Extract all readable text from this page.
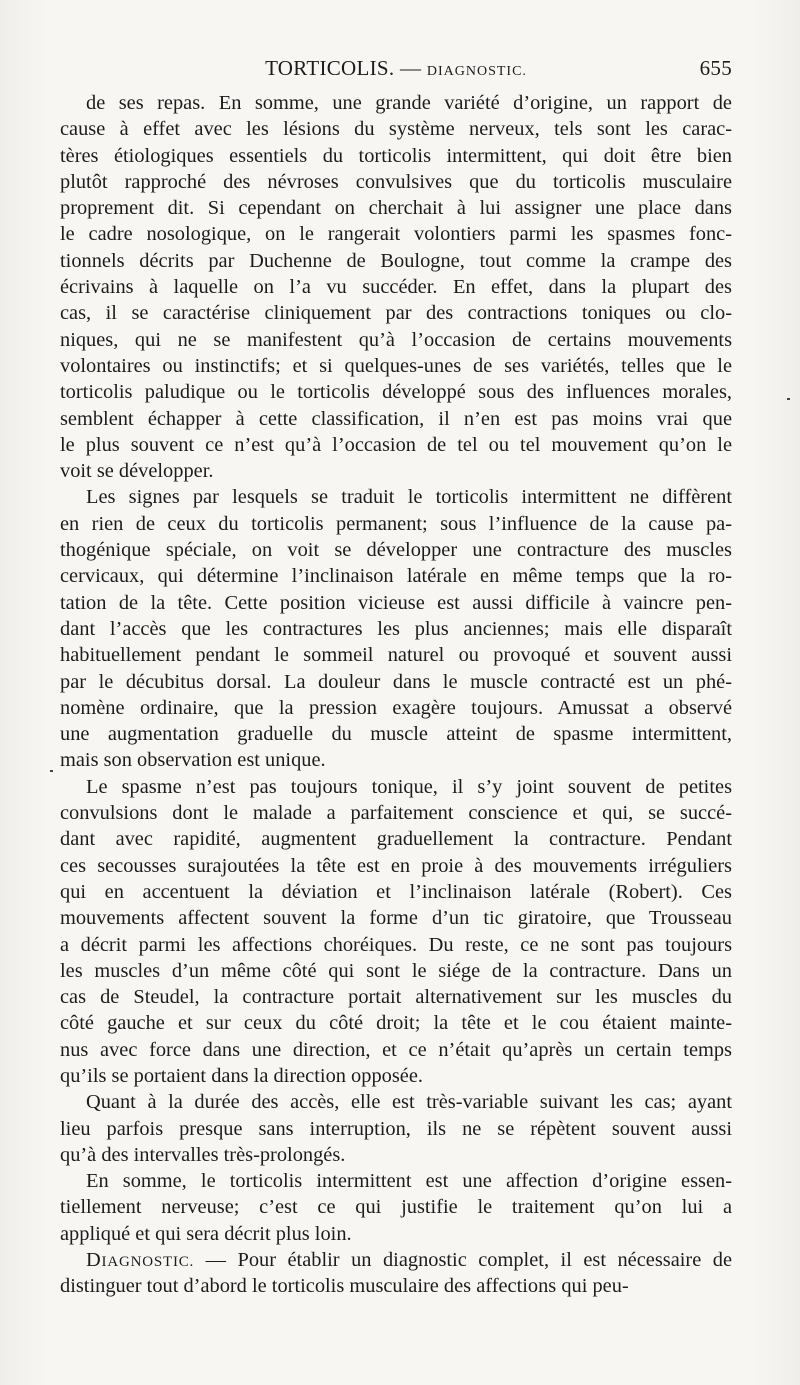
TORTICOLIS. — DIAGNOSTIC.	655
de ses repas. En somme, une grande variété d’origine, un rapport de
cause à effet avec les lésions du système nerveux, tels sont les carac-
tères étiologiques essentiels du torticolis intermittent, qui doit être bien
plutôt rapproché des névroses convulsives que du torticolis musculaire
proprement dit. Si cependant on cherchait à lui assigner une place dans
le cadre nosologique, on le rangerait volontiers parmi les spasmes fonc-
tionnels décrits par Duchenne de Boulogne, tout comme la crampe des
écrivains à laquelle on l’a vu succéder. En effet, dans la plupart des
cas, il se caractérise cliniquement par des contractions toniques ou clo-
niques, qui ne se manifestent qu’à l’occasion de certains mouvements
volontaires ou instinctifs; et si quelques-unes de ses variétés, telles que le
torticolis paludique ou le torticolis développé sous des influences morales,
semblent échapper à cette classification, il n’en est pas moins vrai que
le plus souvent ce n’est qu’à l’occasion de tel ou tel mouvement qu’on le
voit se développer.
Les signes par lesquels se traduit le torticolis intermittent ne diffèrent
en rien de ceux du torticolis permanent; sous l’influence de la cause pa-
thogénique spéciale, on voit se développer une contracture des muscles
cervicaux, qui détermine l’inclinaison latérale en même temps que la ro-
tation de la tête. Cette position vicieuse est aussi difficile à vaincre pen-
dant l’accès que les contractures les plus anciennes; mais elle disparaît
habituellement pendant le sommeil naturel ou provoqué et souvent aussi
par le décubitus dorsal. La douleur dans le muscle contracté est un phé-
nomène ordinaire, que la pression exagère toujours. Amussat a observé
une augmentation graduelle du muscle atteint de spasme intermittent,
mais son observation est unique.
Le spasme n’est pas toujours tonique, il s’y joint souvent de petites
convulsions dont le malade a parfaitement conscience et qui, se succé-
dant avec rapidité, augmentent graduellement la contracture. Pendant
ces secousses surajoutées la tête est en proie à des mouvements irréguliers
qui en accentuent la déviation et l’inclinaison latérale (Robert). Ces
mouvements affectent souvent la forme d’un tic giratoire, que Trousseau
a décrit parmi les affections choréiques. Du reste, ce ne sont pas toujours
les muscles d’un même côté qui sont le siége de la contracture. Dans un
cas de Steudel, la contracture portait alternativement sur les muscles du
côté gauche et sur ceux du côté droit; la tête et le cou étaient mainte-
nus avec force dans une direction, et ce n’était qu’après un certain temps
qu’ils se portaient dans la direction opposée.
Quant à la durée des accès, elle est très-variable suivant les cas; ayant
lieu parfois presque sans interruption, ils ne se répètent souvent aussi
qu’à des intervalles très-prolongés.
En somme, le torticolis intermittent est une affection d’origine essen-
tiellement nerveuse; c’est ce qui justifie le traitement qu’on lui a
appliqué et qui sera décrit plus loin.
DIAGNOSTIC. — Pour établir un diagnostic complet, il est nécessaire de
distinguer tout d’abord le torticolis musculaire des affections qui peu-
